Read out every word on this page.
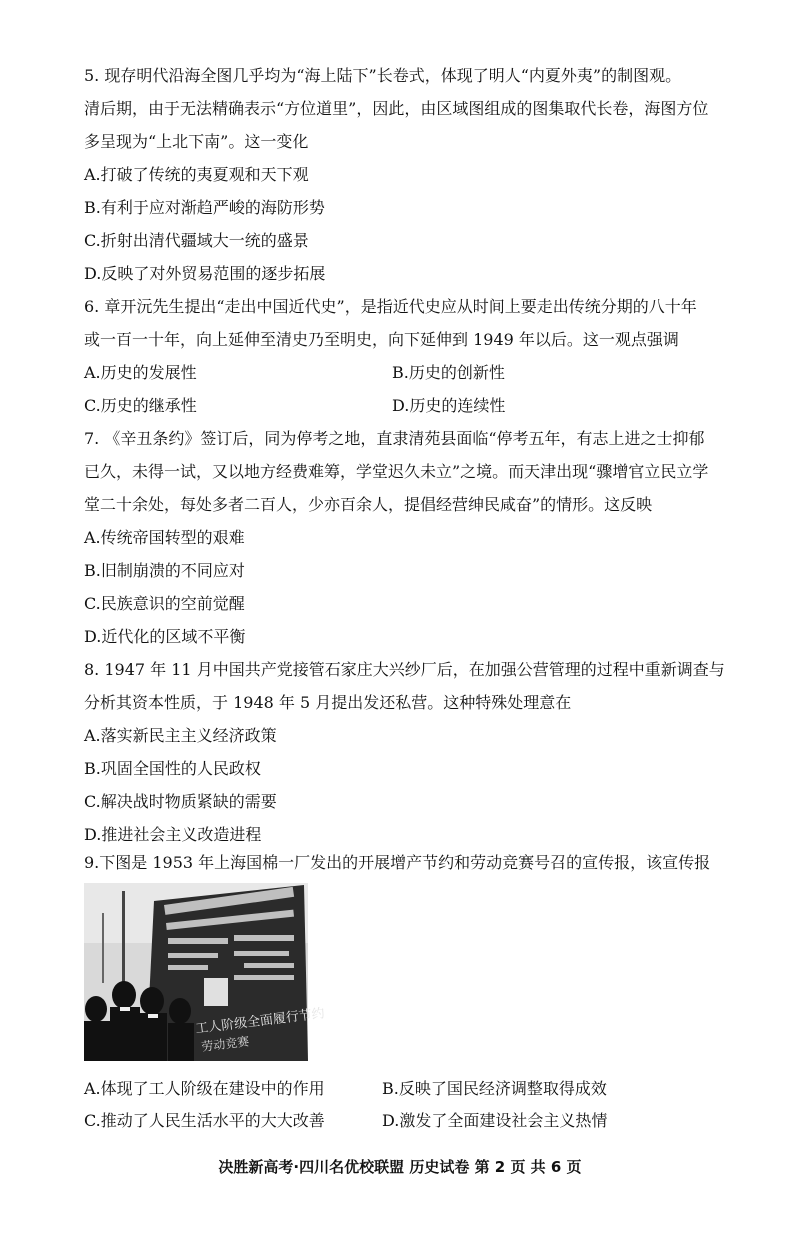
5. 现存明代沿海全图几乎均为“海上陆下”长卷式，体现了明人“内夏外夷”的制图观。
清后期，由于无法精确表示“方位道里”，因此，由区域图组成的图集取代长卷，海图方位
多呈现为“上北下南”。这一变化
A.打破了传统的夷夏观和天下观
B.有利于应对渐趋严峻的海防形势
C.折射出清代疆域大一统的盛景
D.反映了对外贸易范围的逐步拓展
6. 章开沅先生提出“走出中国近代史”，是指近代史应从时间上要走出传统分期的八十年
或一百一十年，向上延伸至清史乃至明史，向下延伸到 1949 年以后。这一观点强调
A.历史的发展性	B.历史的创新性
C.历史的继承性	D.历史的连续性
7. 《辛丑条约》签订后，同为停考之地，直隶清苑县面临“停考五年，有志上进之士抑郁
已久，未得一试，又以地方经费难筹，学堂迟久未立”之境。而天津出现“骤增官立民立学
堂二十余处，每处多者二百人，少亦百余人，提倡经营绅民咸奋”的情形。这反映
A.传统帝国转型的艰难
B.旧制崩溃的不同应对
C.民族意识的空前觉醒
D.近代化的区域不平衡
8. 1947 年 11 月中国共产党接管石家庄大兴纱厂后，在加强公营管理的过程中重新调查与
分析其资本性质，于 1948 年 5 月提出发还私营。这种特殊处理意在
A.落实新民主主义经济政策
B.巩固全国性的人民政权
C.解决战时物质紧缺的需要
D.推进社会主义改造进程
9.下图是 1953 年上海国棉一厂发出的开展增产节约和劳动竞赛号召的宣传报，该宣传报
工人阶级全面履行节约
劳动竞赛
A.体现了工人阶级在建设中的作用	B.反映了国民经济调整取得成效
C.推动了人民生活水平的大大改善	D.激发了全面建设社会主义热情
决胜新高考·四川名优校联盟 历史试卷 第 2 页 共 6 页
